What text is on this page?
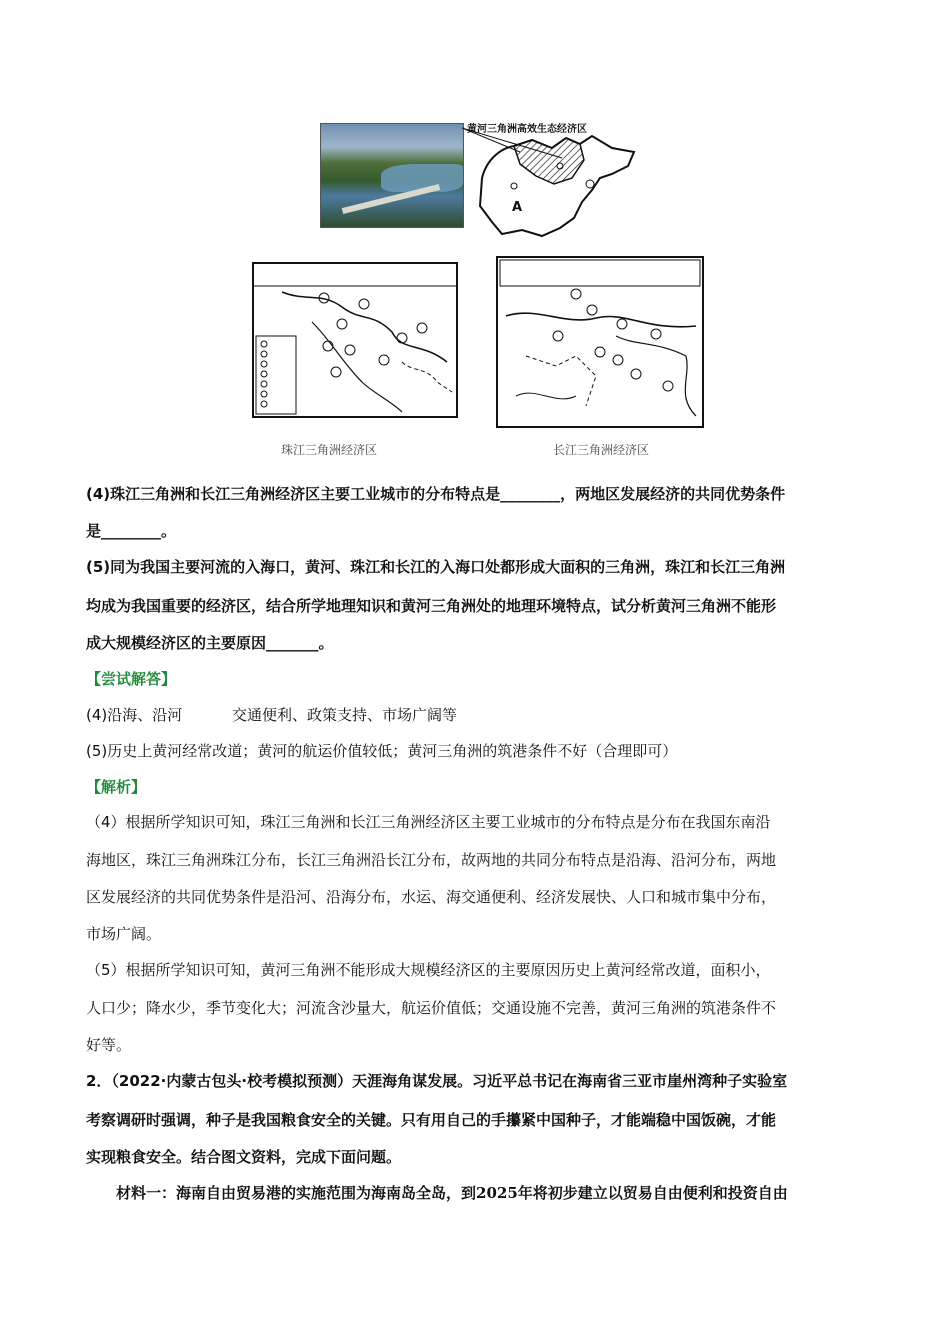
黄河三角洲高效生态经济区
A
珠江三角洲经济区	长江三角洲经济区
(4)珠江三角洲和长江三角洲经济区主要工业城市的分布特点是________，两地区发展经济的共同优势条件
是________。
(5)同为我国主要河流的入海口，黄河、珠江和长江的入海口处都形成大面积的三角洲，珠江和长江三角洲
均成为我国重要的经济区，结合所学地理知识和黄河三角洲处的地理环境特点，试分析黄河三角洲不能形
成大规模经济区的主要原因_______。
【尝试解答】
(4)沿海、沿河	交通便利、政策支持、市场广阔等
(5)历史上黄河经常改道；黄河的航运价值较低；黄河三角洲的筑港条件不好（合理即可）
【解析】
（4）根据所学知识可知，珠江三角洲和长江三角洲经济区主要工业城市的分布特点是分布在我国东南沿
海地区，珠江三角洲珠江分布，长江三角洲沿长江分布，故两地的共同分布特点是沿海、沿河分布，两地
区发展经济的共同优势条件是沿河、沿海分布，水运、海交通便利、经济发展快、人口和城市集中分布，
市场广阔。
（5）根据所学知识可知，黄河三角洲不能形成大规模经济区的主要原因历史上黄河经常改道，面积小，
人口少；降水少，季节变化大；河流含沙量大，航运价值低；交通设施不完善，黄河三角洲的筑港条件不
好等。
2．（2022·内蒙古包头·校考模拟预测）天涯海角谋发展。习近平总书记在海南省三亚市崖州湾种子实验室
考察调研时强调，种子是我国粮食安全的关键。只有用自己的手攥紧中国种子，才能端稳中国饭碗，才能
实现粮食安全。结合图文资料，完成下面问题。
材料一：海南自由贸易港的实施范围为海南岛全岛，到2025年将初步建立以贸易自由便利和投资自由
